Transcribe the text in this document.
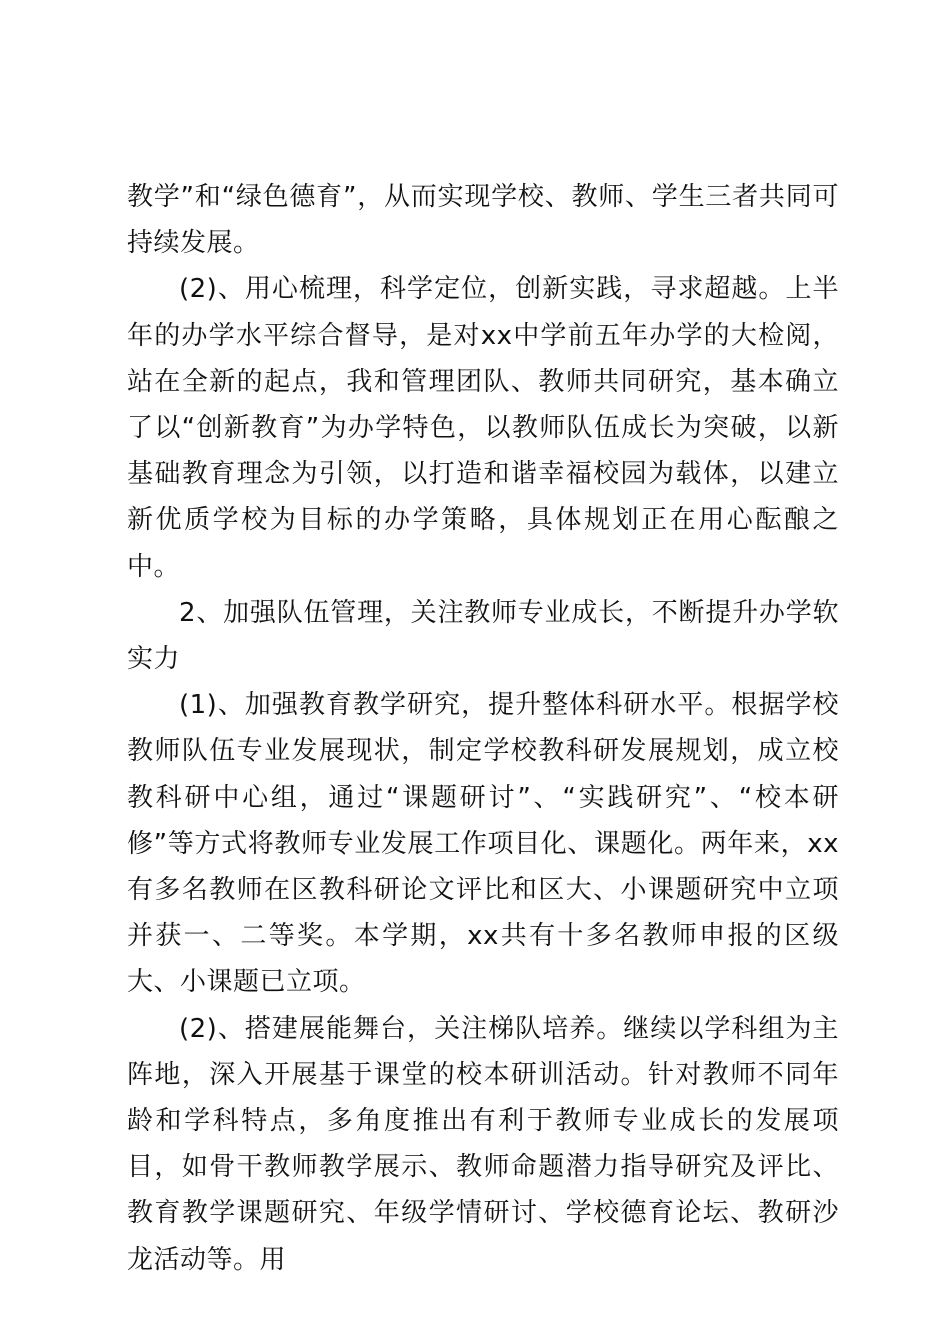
教学”和“绿色德育”，从而实现学校、教师、学生三者共同可持续发展。

(2)、用心梳理，科学定位，创新实践，寻求超越。上半年的办学水平综合督导，是对xx中学前五年办学的大检阅，站在全新的起点，我和管理团队、教师共同研究，基本确立了以“创新教育”为办学特色，以教师队伍成长为突破，以新基础教育理念为引领，以打造和谐幸福校园为载体，以建立新优质学校为目标的办学策略，具体规划正在用心酝酿之中。

2、加强队伍管理，关注教师专业成长，不断提升办学软实力

(1)、加强教育教学研究，提升整体科研水平。根据学校教师队伍专业发展现状，制定学校教科研发展规划，成立校教科研中心组，通过“课题研讨”、“实践研究”、“校本研修”等方式将教师专业发展工作项目化、课题化。两年来，xx有多名教师在区教科研论文评比和区大、小课题研究中立项并获一、二等奖。本学期，xx共有十多名教师申报的区级大、小课题已立项。

(2)、搭建展能舞台，关注梯队培养。继续以学科组为主阵地，深入开展基于课堂的校本研训活动。针对教师不同年龄和学科特点，多角度推出有利于教师专业成长的发展项目，如骨干教师教学展示、教师命题潜力指导研究及评比、教育教学课题研究、年级学情研讨、学校德育论坛、教研沙龙活动等。用
